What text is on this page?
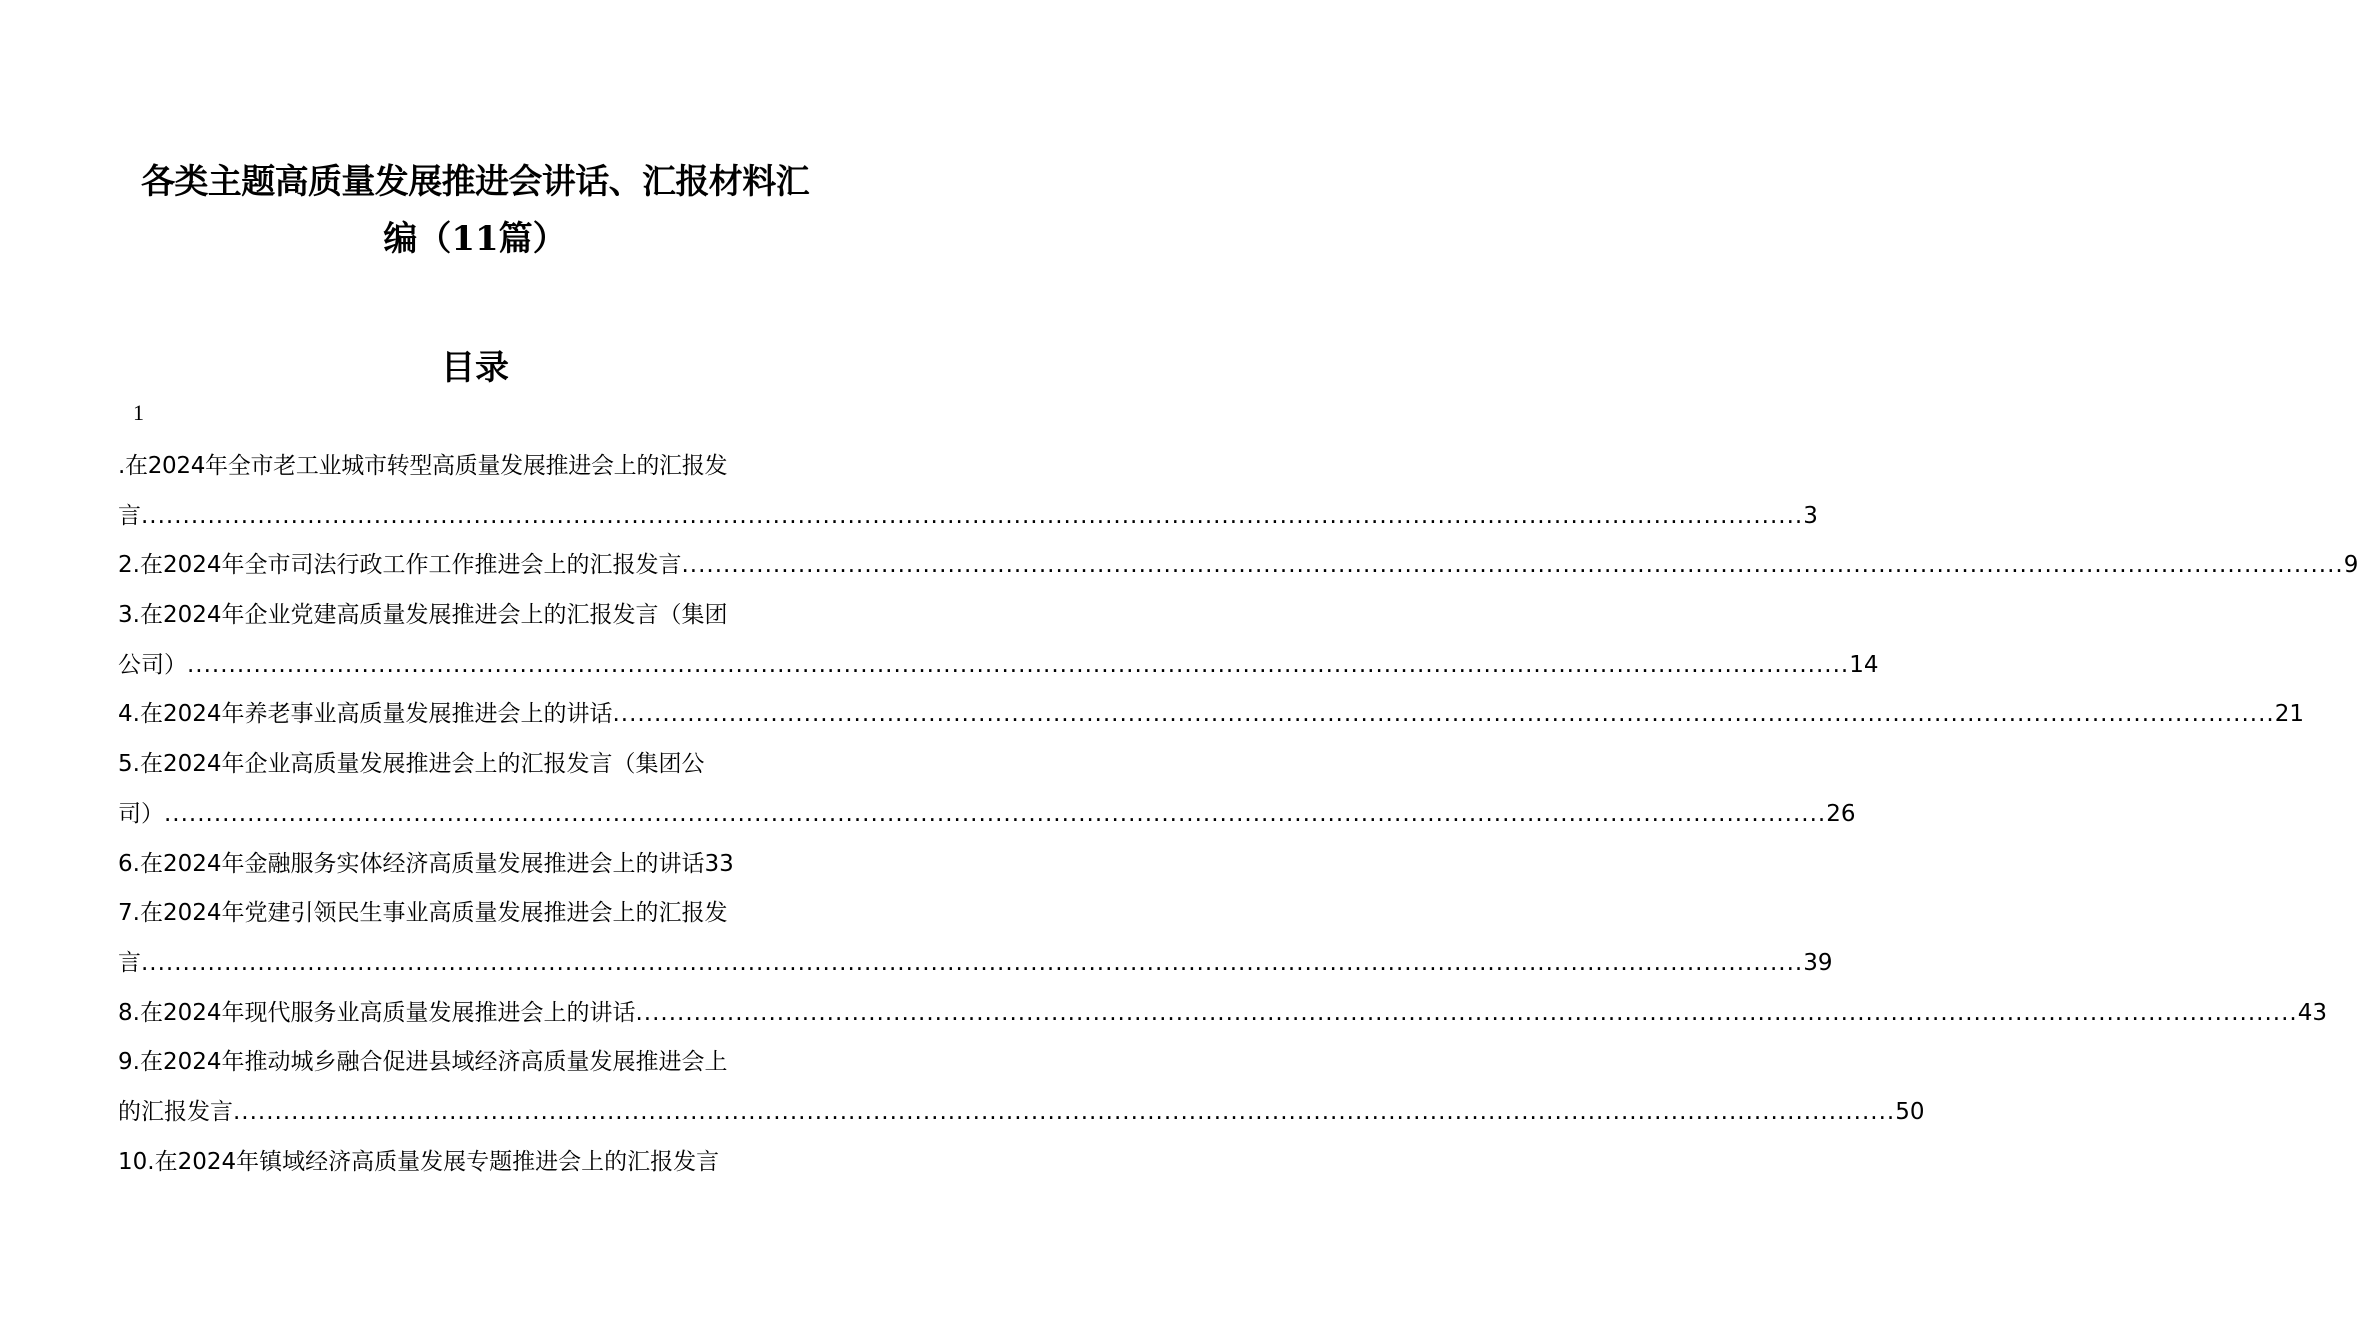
各类主题高质量发展推进会讲话、汇报材料汇
编（11篇）
目录
1
.在2024年全市老工业城市转型高质量发展推进会上的汇报发
言 ........................................................................................................................................................................................................ 3
2.在2024年全市司法行政工作工作推进会上的汇报发言 ........................................................................................................................................................................................................ 9
3.在2024年企业党建高质量发展推进会上的汇报发言（集团
公司） ........................................................................................................................................................................................................ 14
4.在2024年养老事业高质量发展推进会上的讲话 ........................................................................................................................................................................................................ 21
5.在2024年企业高质量发展推进会上的汇报发言（集团公
司） ........................................................................................................................................................................................................ 26
6.在2024年金融服务实体经济高质量发展推进会上的讲话 33
7.在2024年党建引领民生事业高质量发展推进会上的汇报发
言 ........................................................................................................................................................................................................ 39
8.在2024年现代服务业高质量发展推进会上的讲话 ........................................................................................................................................................................................................ 43
9.在2024年推动城乡融合促进县域经济高质量发展推进会上
的汇报发言 ........................................................................................................................................................................................................ 50
10.在2024年镇域经济高质量发展专题推进会上的汇报发言
